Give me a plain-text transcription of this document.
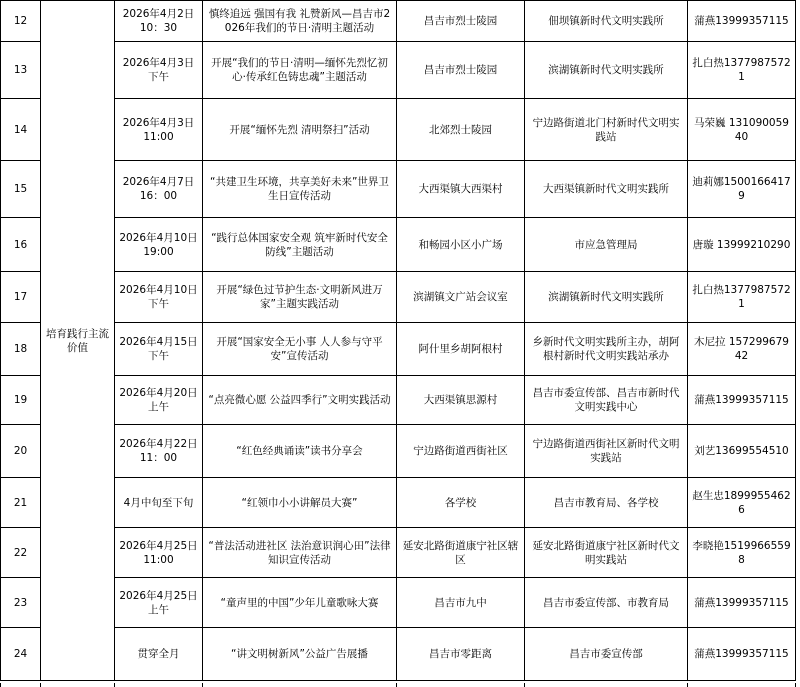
12	培育践行主流价值	2026年4月2日 10：30	慎终追远 强国有我 礼赞新风—昌吉市2026年我们的节日·清明主题活动	昌吉市烈士陵园	佃坝镇新时代文明实践所	蒲燕13999357115
13		2026年4月3日下午	开展“我们的节日·清明—缅怀先烈忆初心·传承红色铸忠魂”主题活动	昌吉市烈士陵园	滨湖镇新时代文明实践所	扎白热13779875721
14		2026年4月3日 11:00	开展“缅怀先烈 清明祭扫”活动	北郊烈士陵园	宁边路街道北门村新时代文明实践站	马荣巍 13109005940
15		2026年4月7日 16：00	“共建卫生环境，共享美好未来”世界卫生日宣传活动	大西渠镇大西渠村	大西渠镇新时代文明实践所	迪莉娜15001664179
16		2026年4月10日 19:00	“践行总体国家安全观 筑牢新时代安全防线”主题活动	和畅园小区小广场	市应急管理局	唐璇 13999210290
17		2026年4月10日下午	开展“绿色过节护生态·文明新风进万家”主题实践活动	滨湖镇文广站会议室	滨湖镇新时代文明实践所	扎白热13779875721
18		2026年4月15日下午	开展“国家安全无小事 人人参与守平安”宣传活动	阿什里乡胡阿根村	乡新时代文明实践所主办，胡阿根村新时代文明实践站承办	木尼拉 15729967942
19		2026年4月20日上午	“点亮微心愿 公益四季行”文明实践活动	大西渠镇思源村	昌吉市委宣传部、昌吉市新时代文明实践中心	蒲燕13999357115
20		2026年4月22日 11：00	“红色经典诵读”读书分享会	宁边路街道西街社区	宁边路街道西街社区新时代文明实践站	刘艺13699554510
21		4月中旬至下旬	“红领巾小小讲解员大赛”	各学校	昌吉市教育局、各学校	赵生忠18999554626
22		2026年4月25日 11:00	“普法活动进社区 法治意识润心田”法律知识宣传活动	延安北路街道康宁社区辖区	延安北路街道康宁社区新时代文明实践站	李晓艳15199665598
23		2026年4月25日上午	“童声里的中国”少年儿童歌咏大赛	昌吉市九中	昌吉市委宣传部、市教育局	蒲燕13999357115
24		贯穿全月	“讲文明树新风”公益广告展播	昌吉市零距离	昌吉市委宣传部	蒲燕13999357115
